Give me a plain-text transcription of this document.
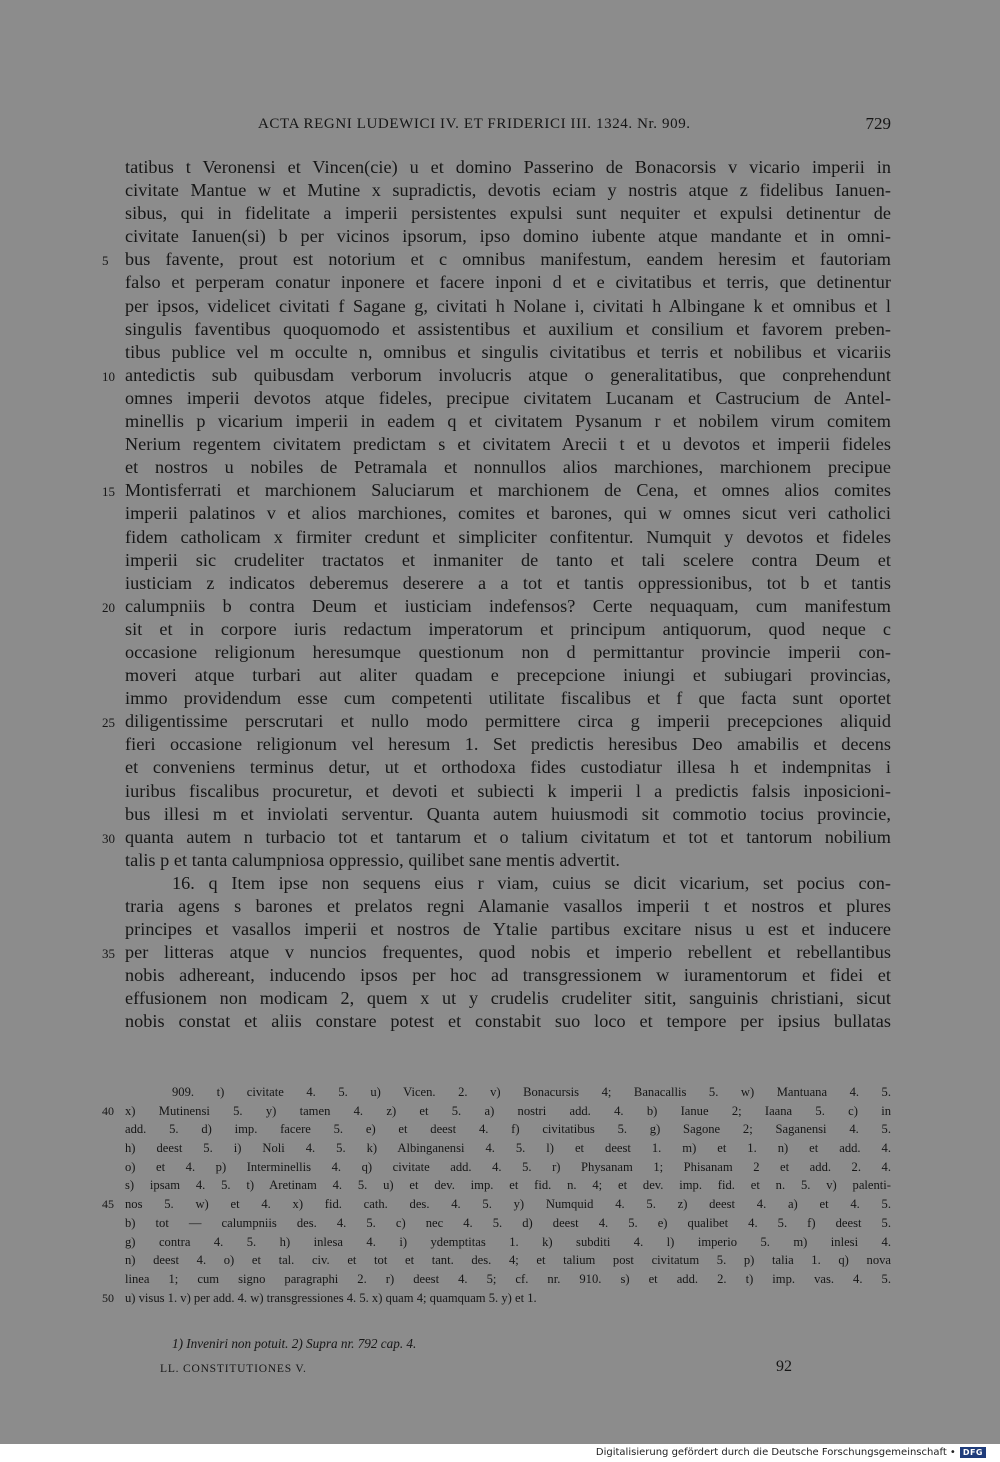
ACTA REGNI LUDEWICI IV. ET FRIDERICI III. 1324. Nr. 909.	729
tatibus t Veronensi et Vincen(cie) u et domino Passerino de Bonacorsis v vicario imperii in
civitate Mantue w et Mutine x supradictis, devotis eciam y nostris atque z fidelibus Ianuen-
sibus, qui in fidelitate a imperii persistentes expulsi sunt nequiter et expulsi detinentur de
civitate Ianuen(si) b per vicinos ipsorum, ipso domino iubente atque mandante et in omni-
5 bus favente, prout est notorium et c omnibus manifestum, eandem heresim et fautoriam
falso et perperam conatur inponere et facere inponi d et e civitatibus et terris, que detinentur
per ipsos, videlicet civitati f Sagane g, civitati h Nolane i, civitati h Albingane k et omnibus et l
singulis faventibus quoquomodo et assistentibus et auxilium et consilium et favorem preben-
tibus publice vel m occulte n, omnibus et singulis civitatibus et terris et nobilibus et vicariis
10 antedictis sub quibusdam verborum involucris atque o generalitatibus, que conprehendunt
omnes imperii devotos atque fideles, precipue civitatem Lucanam et Castrucium de Antel-
minellis p vicarium imperii in eadem q et civitatem Pysanum r et nobilem virum comitem
Nerium regentem civitatem predictam s et civitatem Arecii t et u devotos et imperii fideles
et nostros u nobiles de Petramala et nonnullos alios marchiones, marchionem precipue
15 Montisferrati et marchionem Saluciarum et marchionem de Cena, et omnes alios comites
imperii palatinos v et alios marchiones, comites et barones, qui w omnes sicut veri catholici
fidem catholicam x firmiter credunt et simpliciter confitentur. Numquit y devotos et fideles
imperii sic crudeliter tractatos et inmaniter de tanto et tali scelere contra Deum et
iusticiam z indicatos deberemus deserere a a tot et tantis oppressionibus, tot b et tantis
20 calumpniis b contra Deum et iusticiam indefensos? Certe nequaquam, cum manifestum
sit et in corpore iuris redactum imperatorum et principum antiquorum, quod neque c
occasione religionum heresumque questionum non d permittantur provincie imperii con-
moveri atque turbari aut aliter quadam e precepcione iniungi et subiugari provincias,
immo providendum esse cum competenti utilitate fiscalibus et f que facta sunt oportet
25 diligentissime perscrutari et nullo modo permittere circa g imperii precepciones aliquid
fieri occasione religionum vel heresum 1. Set predictis heresibus Deo amabilis et decens
et conveniens terminus detur, ut et orthodoxa fides custodiatur illesa h et indempnitas i
iuribus fiscalibus procuretur, et devoti et subiecti k imperii l a predictis falsis inposicioni-
bus illesi m et inviolati serventur. Quanta autem huiusmodi sit commotio tocius provincie,
30 quanta autem n turbacio tot et tantarum et o talium civitatum et tot et tantorum nobilium
talis p et tanta calumpniosa oppressio, quilibet sane mentis advertit.
16. q Item ipse non sequens eius r viam, cuius se dicit vicarium, set pocius con-
traria agens s barones et prelatos regni Alamanie vasallos imperii t et nostros et plures
principes et vasallos imperii et nostros de Ytalie partibus excitare nisus u est et inducere
35 per litteras atque v nuncios frequentes, quod nobis et imperio rebellent et rebellantibus
nobis adhereant, inducendo ipsos per hoc ad transgressionem w iuramentorum et fidei et
effusionem non modicam 2, quem x ut y crudelis crudeliter sitit, sanguinis christiani, sicut
nobis constat et aliis constare potest et constabit suo loco et tempore per ipsius bullatas
909. t) civitate 4. 5. u) Vicen. 2. v) Bonacursis 4; Banacallis 5. w) Mantuana 4. 5.
40 x) Mutinensi 5. y) tamen 4. z) et 5. a) nostri add. 4. b) Ianue 2; Iaana 5. c) in
add. 5. d) imp. facere 5. e) et deest 4. f) civitatibus 5. g) Sagone 2; Saganensi 4. 5.
h) deest 5. i) Noli 4. 5. k) Albinganensi 4. 5. l) et deest 1. m) et 1. n) et add. 4.
o) et 4. p) Interminellis 4. q) civitate add. 4. 5. r) Physanam 1; Phisanam 2 et add. 2. 4.
s) ipsam 4. 5. t) Aretinam 4. 5. u) et dev. imp. et fid. n. 4; et dev. imp. fid. et n. 5. v) palenti-
45 nos 5. w) et 4. x) fid. cath. des. 4. 5. y) Numquid 4. 5. z) deest 4. a) et 4. 5.
b) tot — calumpniis des. 4. 5. c) nec 4. 5. d) deest 4. 5. e) qualibet 4. 5. f) deest 5.
g) contra 4. 5. h) inlesa 4. i) ydemptitas 1. k) subditi 4. l) imperio 5. m) inlesi 4.
n) deest 4. o) et tal. civ. et tot et tant. des. 4; et talium post civitatum 5. p) talia 1. q) nova
linea 1; cum signo paragraphi 2. r) deest 4. 5; cf. nr. 910. s) et add. 2. t) imp. vas. 4. 5.
50 u) visus 1. v) per add. 4. w) transgressiones 4. 5. x) quam 4; quamquam 5. y) et 1.
1) Inveniri non potuit. 2) Supra nr. 792 cap. 4.
LL. CONSTITUTIONES V.	92
Digitalisierung gefördert durch die Deutsche Forschungsgemeinschaft • DFG
